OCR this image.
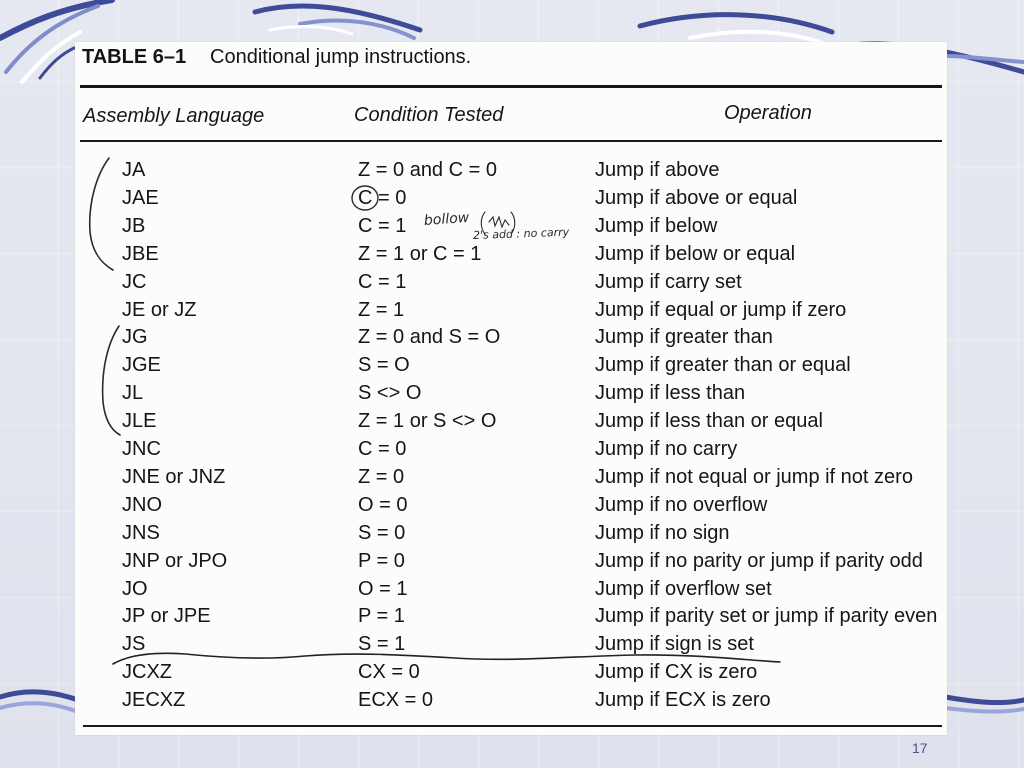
TABLE 6–1 Conditional jump instructions.
Assembly Language	Condition Tested	Operation
JA	Z = 0 and C = 0	Jump if above
JAE	C = 0	Jump if above or equal
JB	C = 1	Jump if below
JBE	Z = 1 or C = 1	Jump if below or equal
JC	C = 1	Jump if carry set
JE or JZ	Z = 1	Jump if equal or jump if zero
JG	Z = 0 and S = O	Jump if greater than
JGE	S = O	Jump if greater than or equal
JL	S <> O	Jump if less than
JLE	Z = 1 or S <> O	Jump if less than or equal
JNC	C = 0	Jump if no carry
JNE or JNZ	Z = 0	Jump if not equal or jump if not zero
JNO	O = 0	Jump if no overflow
JNS	S = 0	Jump if no sign
JNP or JPO	P = 0	Jump if no parity or jump if parity odd
JO	O = 1	Jump if overflow set
JP or JPE	P = 1	Jump if parity set or jump if parity even
JS	S = 1	Jump if sign is set
JCXZ	CX = 0	Jump if CX is zero
JECXZ	ECX = 0	Jump if ECX is zero
bollow
2's add : no carry
17
